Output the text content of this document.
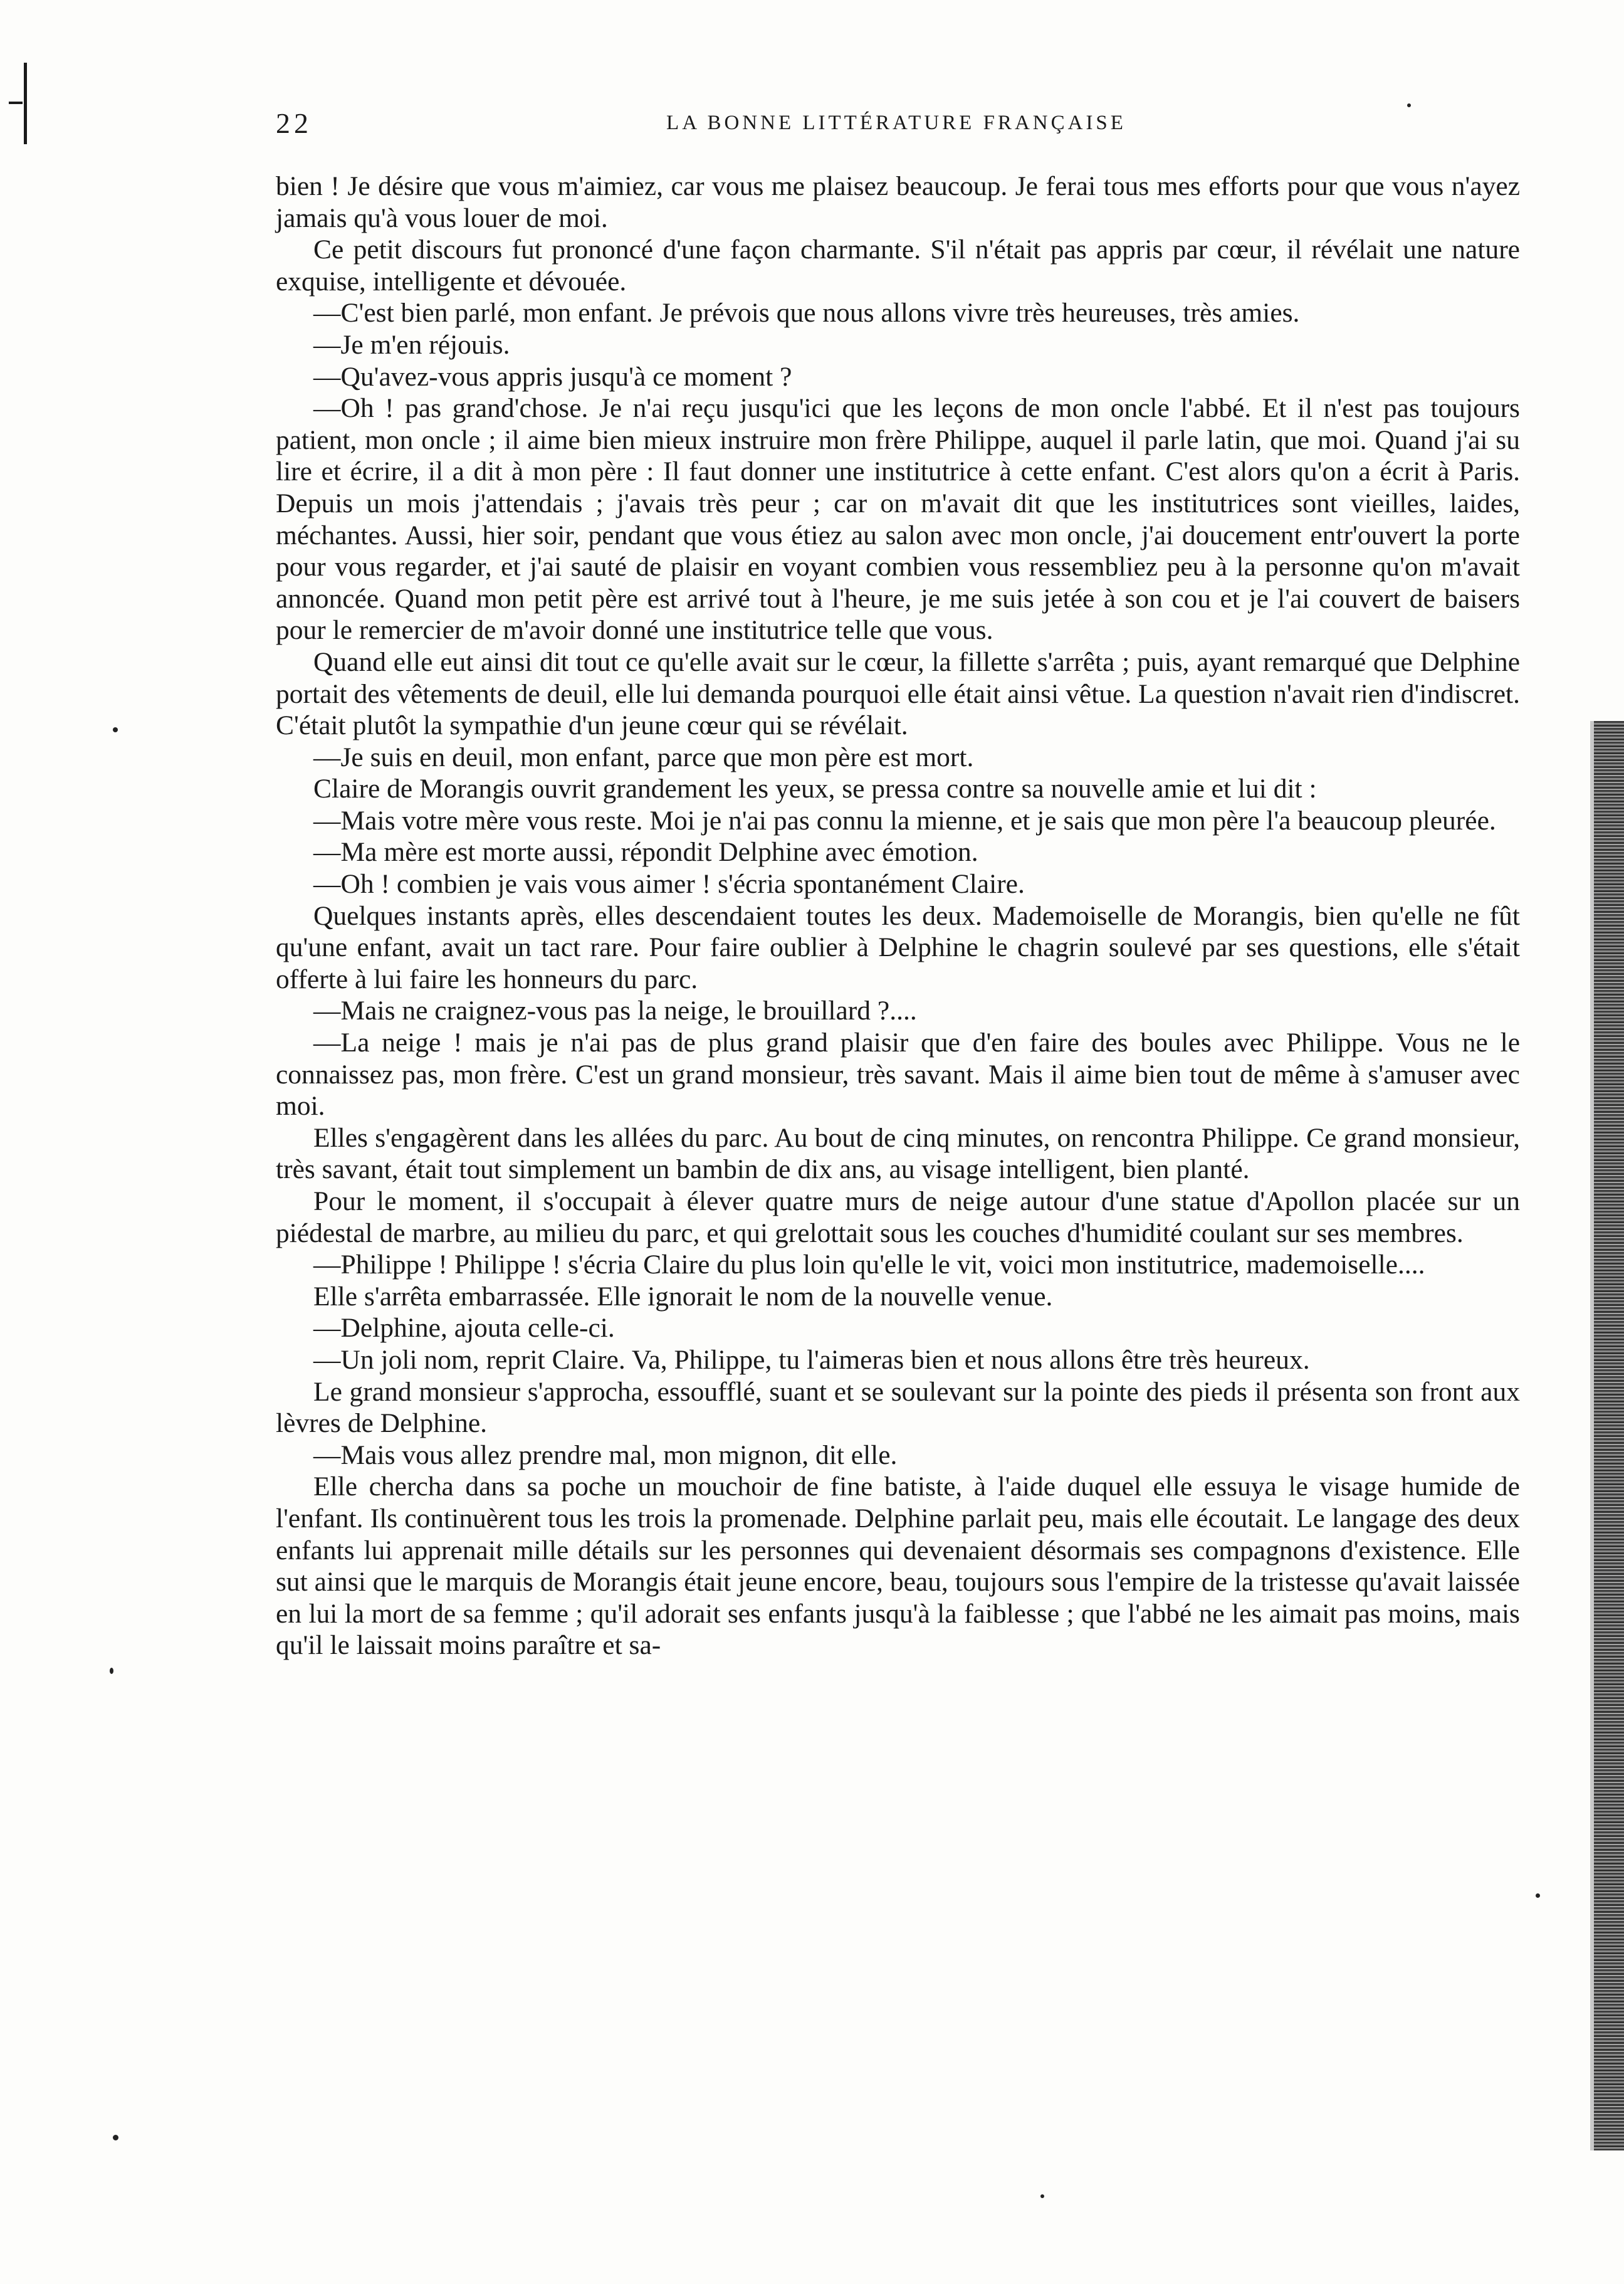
22	LA BONNE LITTÉRATURE FRANÇAISE

bien ! Je désire que vous m'aimiez, car vous me plaisez beaucoup. Je ferai tous mes efforts pour que vous n'ayez jamais qu'à vous louer de moi.

Ce petit discours fut prononcé d'une façon charmante. S'il n'était pas appris par cœur, il révélait une nature exquise, intelligente et dévouée.

—C'est bien parlé, mon enfant. Je prévois que nous allons vivre très heureuses, très amies.

—Je m'en réjouis.

—Qu'avez-vous appris jusqu'à ce moment ?

—Oh ! pas grand'chose. Je n'ai reçu jusqu'ici que les leçons de mon oncle l'abbé. Et il n'est pas toujours patient, mon oncle ; il aime bien mieux instruire mon frère Philippe, auquel il parle latin, que moi. Quand j'ai su lire et écrire, il a dit à mon père : Il faut donner une institutrice à cette enfant. C'est alors qu'on a écrit à Paris. Depuis un mois j'attendais ; j'avais très peur ; car on m'avait dit que les institutrices sont vieilles, laides, méchantes. Aussi, hier soir, pendant que vous étiez au salon avec mon oncle, j'ai doucement entr'ouvert la porte pour vous regarder, et j'ai sauté de plaisir en voyant combien vous ressembliez peu à la personne qu'on m'avait annoncée. Quand mon petit père est arrivé tout à l'heure, je me suis jetée à son cou et je l'ai couvert de baisers pour le remercier de m'avoir donné une institutrice telle que vous.

Quand elle eut ainsi dit tout ce qu'elle avait sur le cœur, la fillette s'arrêta ; puis, ayant remarqué que Delphine portait des vêtements de deuil, elle lui demanda pourquoi elle était ainsi vêtue. La question n'avait rien d'indiscret. C'était plutôt la sympathie d'un jeune cœur qui se révélait.

—Je suis en deuil, mon enfant, parce que mon père est mort.

Claire de Morangis ouvrit grandement les yeux, se pressa contre sa nouvelle amie et lui dit :

—Mais votre mère vous reste. Moi je n'ai pas connu la mienne, et je sais que mon père l'a beaucoup pleurée.

—Ma mère est morte aussi, répondit Delphine avec émotion.

—Oh ! combien je vais vous aimer ! s'écria spontanément Claire.

Quelques instants après, elles descendaient toutes les deux. Mademoiselle de Morangis, bien qu'elle ne fût qu'une enfant, avait un tact rare. Pour faire oublier à Delphine le chagrin soulevé par ses questions, elle s'était offerte à lui faire les honneurs du parc.

—Mais ne craignez-vous pas la neige, le brouillard ?....

—La neige ! mais je n'ai pas de plus grand plaisir que d'en faire des boules avec Philippe. Vous ne le connaissez pas, mon frère. C'est un grand monsieur, très savant. Mais il aime bien tout de même à s'amuser avec moi.

Elles s'engagèrent dans les allées du parc. Au bout de cinq minutes, on rencontra Philippe. Ce grand monsieur, très savant, était tout simplement un bambin de dix ans, au visage intelligent, bien planté.

Pour le moment, il s'occupait à élever quatre murs de neige autour d'une statue d'Apollon placée sur un piédestal de marbre, au milieu du parc, et qui grelottait sous les couches d'humidité coulant sur ses membres.

—Philippe ! Philippe ! s'écria Claire du plus loin qu'elle le vit, voici mon institutrice, mademoiselle....

Elle s'arrêta embarrassée. Elle ignorait le nom de la nouvelle venue.

—Delphine, ajouta celle-ci.

—Un joli nom, reprit Claire. Va, Philippe, tu l'aimeras bien et nous allons être très heureux.

Le grand monsieur s'approcha, essoufflé, suant et se soulevant sur la pointe des pieds il présenta son front aux lèvres de Delphine.

—Mais vous allez prendre mal, mon mignon, dit elle.

Elle chercha dans sa poche un mouchoir de fine batiste, à l'aide duquel elle essuya le visage humide de l'enfant. Ils continuèrent tous les trois la promenade. Delphine parlait peu, mais elle écoutait. Le langage des deux enfants lui apprenait mille détails sur les personnes qui devenaient désormais ses compagnons d'existence. Elle sut ainsi que le marquis de Morangis était jeune encore, beau, toujours sous l'empire de la tristesse qu'avait laissée en lui la mort de sa femme ; qu'il adorait ses enfants jusqu'à la faiblesse ; que l'abbé ne les aimait pas moins, mais qu'il le laissait moins paraître et sa-
